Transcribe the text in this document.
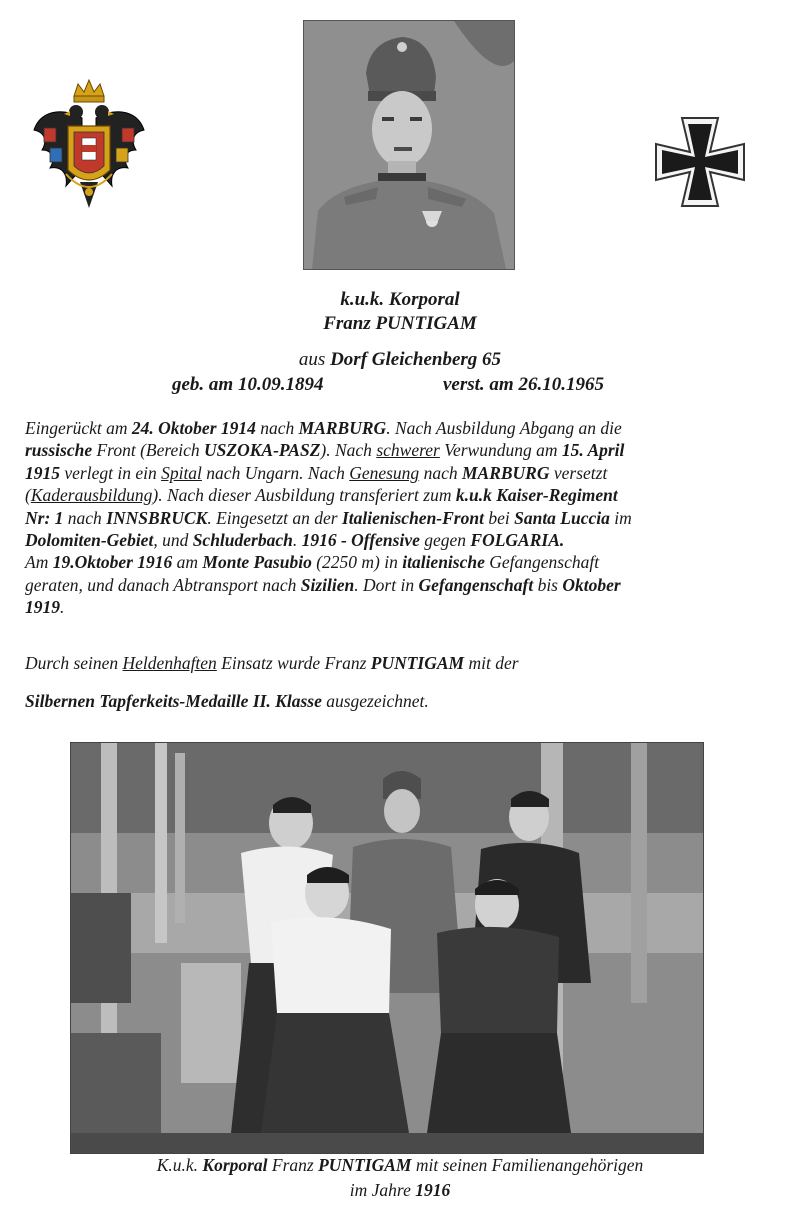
k.u.k. Korporal
Franz PUNTIGAM
aus Dorf Gleichenberg 65
geb. am 10.09.1894	verst. am 26.10.1965
Eingerückt am 24. Oktober 1914 nach MARBURG. Nach Ausbildung Abgang an die
russische Front (Bereich USZOKA-PASZ). Nach schwerer Verwundung am 15. April
1915 verlegt in ein Spital nach Ungarn. Nach Genesung nach MARBURG versetzt
(Kaderausbildung). Nach dieser Ausbildung transferiert zum k.u.k Kaiser-Regiment
Nr: 1 nach INNSBRUCK. Eingesetzt an der Italienischen-Front bei Santa Luccia im
Dolomiten-Gebiet, und Schluderbach. 1916 - Offensive gegen FOLGARIA.
Am 19.Oktober 1916 am Monte Pasubio (2250 m) in italienische Gefangenschaft
geraten, und danach Abtransport nach Sizilien. Dort in Gefangenschaft bis Oktober
1919.
Durch seinen Heldenhaften Einsatz wurde Franz PUNTIGAM mit der
Silbernen Tapferkeits-Medaille II. Klasse ausgezeichnet.
K.u.k. Korporal Franz PUNTIGAM mit seinen Familienangehörigen
im Jahre 1916
